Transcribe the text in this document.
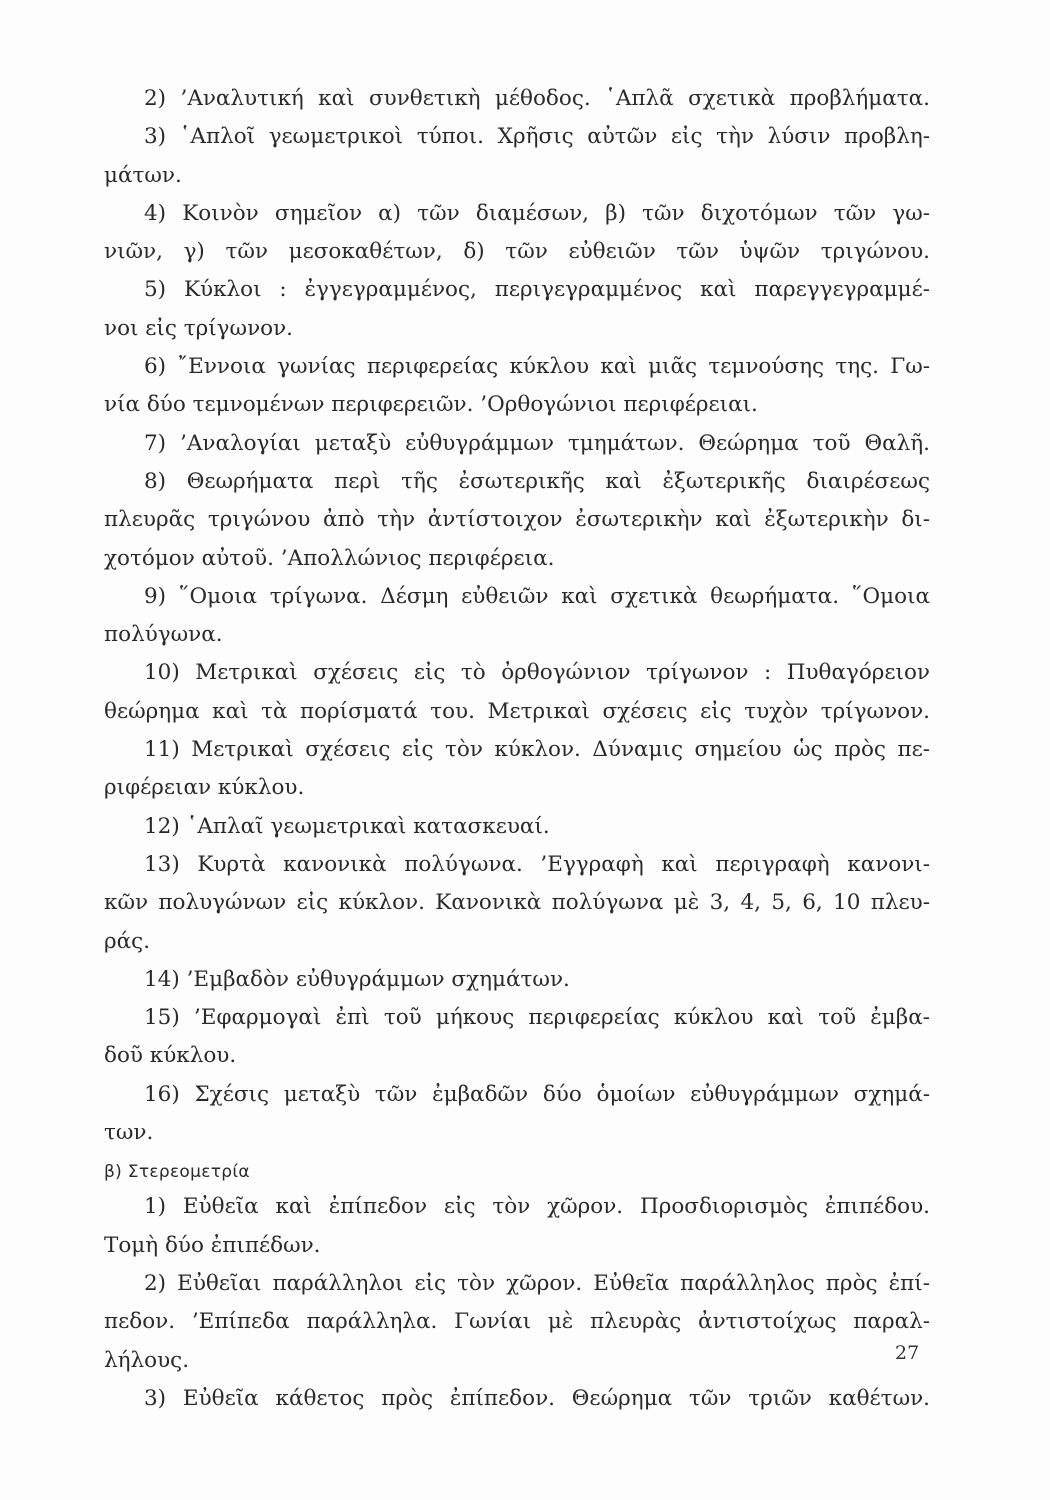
2) ’Αναλυτική καὶ συνθετικὴ μέθοδος. ῾Απλᾶ σχετικὰ προβλήματα.
3) ῾Απλοῖ γεωμετρικοὶ τύποι. Χρῆσις αὐτῶν εἰς τὴν λύσιν προβλη-
μάτων.
4) Κοινὸν σημεῖον α) τῶν διαμέσων, β) τῶν διχοτόμων τῶν γω-
νιῶν, γ) τῶν μεσοκαθέτων, δ) τῶν εὐθειῶν τῶν ὑψῶν τριγώνου.
5) Κύκλοι : ἐγγεγραμμένος, περιγεγραμμένος καὶ παρεγγεγραμμέ-
νοι εἰς τρίγωνον.
6) ῎Εννοια γωνίας περιφερείας κύκλου καὶ μιᾶς τεμνούσης της. Γω-
νία δύο τεμνομένων περιφερειῶν. ’Ορθογώνιοι περιφέρειαι.
7) ’Αναλογίαι μεταξὺ εὐθυγράμμων τμημάτων. Θεώρημα τοῦ Θαλῆ.
8) Θεωρήματα περὶ τῆς ἐσωτερικῆς καὶ ἐξωτερικῆς διαιρέσεως
πλευρᾶς τριγώνου ἀπὸ τὴν ἀντίστοιχον ἐσωτερικὴν καὶ ἐξωτερικὴν δι-
χοτόμον αὐτοῦ. ’Απολλώνιος περιφέρεια.
9) ῞Ομοια τρίγωνα. Δέσμη εὐθειῶν καὶ σχετικὰ θεωρήματα. ῞Ομοια
πολύγωνα.
10) Μετρικαὶ σχέσεις εἰς τὸ ὀρθογώνιον τρίγωνον : Πυθαγόρειον
θεώρημα καὶ τὰ πορίσματά του. Μετρικαὶ σχέσεις εἰς τυχὸν τρίγωνον.
11) Μετρικαὶ σχέσεις εἰς τὸν κύκλον. Δύναμις σημείου ὡς πρὸς πε-
ριφέρειαν κύκλου.
12) ῾Απλαῖ γεωμετρικαὶ κατασκευαί.
13) Κυρτὰ κανονικὰ πολύγωνα. ’Εγγραφὴ καὶ περιγραφὴ κανονι-
κῶν πολυγώνων εἰς κύκλον. Κανονικὰ πολύγωνα μὲ 3, 4, 5, 6, 10 πλευ-
ράς.
14) ’Εμβαδὸν εὐθυγράμμων σχημάτων.
15) ’Εφαρμογαὶ ἐπὶ τοῦ μήκους περιφερείας κύκλου καὶ τοῦ ἐμβα-
δοῦ κύκλου.
16) Σχέσις μεταξὺ τῶν ἐμβαδῶν δύο ὁμοίων εὐθυγράμμων σχημά-
των.
β) Στερεομετρία
1) Εὐθεῖα καὶ ἐπίπεδον εἰς τὸν χῶρον. Προσδιορισμὸς ἐπιπέδου.
Τομὴ δύο ἐπιπέδων.
2) Εὐθεῖαι παράλληλοι εἰς τὸν χῶρον. Εὐθεῖα παράλληλος πρὸς ἐπί-
πεδον. ’Επίπεδα παράλληλα. Γωνίαι μὲ πλευρὰς ἀντιστοίχως παραλ-
λήλους.
3) Εὐθεῖα κάθετος πρὸς ἐπίπεδον. Θεώρημα τῶν τριῶν καθέτων.
27
